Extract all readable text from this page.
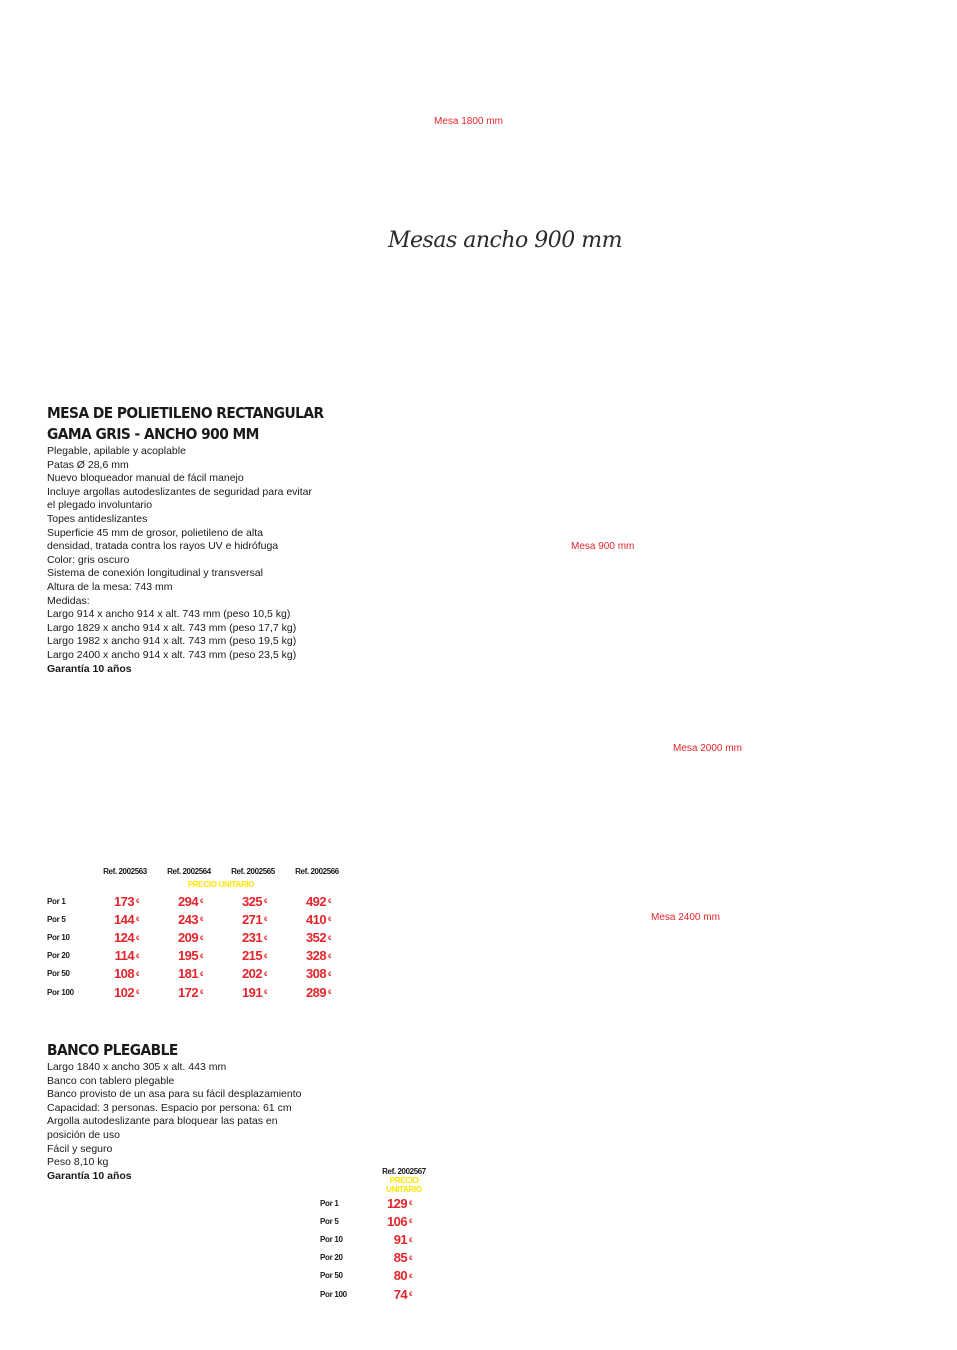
Mesa 1800 mm
Mesa 900 mm
Mesa 2000 mm
Mesa 2400 mm
Mesas ancho 900 mm
MESA DE POLIETILENO RECTANGULAR
GAMA GRIS - ANCHO 900 MM
Plegable, apilable y acoplable
Patas Ø 28,6 mm
Nuevo bloqueador manual de fácil manejo
Incluye argollas autodeslizantes de seguridad para evitar
el plegado involuntario
Topes antideslizantes
Superficie 45 mm de grosor, polietileno de alta
densidad, tratada contra los rayos UV e hidrófuga
Color: gris oscuro
Sistema de conexión longitudinal y transversal
Altura de la mesa: 743 mm
Medidas:
Largo 914 x ancho 914 x alt. 743 mm (peso 10,5 kg)
Largo 1829 x ancho 914 x alt. 743 mm (peso 17,7 kg)
Largo 1982 x ancho 914 x alt. 743 mm (peso 19,5 kg)
Largo 2400 x ancho 914 x alt. 743 mm (peso 23,5 kg)
Garantía 10 años
	Ref. 2002563	Ref. 2002564	Ref. 2002565	Ref. 2002566
	PRECIO UNITARIO			
Por 1	173 €	294 €	325 €	492 €
Por 5	144 €	243 €	271 €	410 €
Por 10	124 €	209 €	231 €	352 €
Por 20	114 €	195 €	215 €	328 €
Por 50	108 €	181 €	202 €	308 €
Por 100	102 €	172 €	191 €	289 €
BANCO PLEGABLE
Largo 1840 x ancho 305 x alt. 443 mm
Banco con tablero plegable
Banco provisto de un asa para su fácil desplazamiento
Capacidad: 3 personas. Espacio por persona: 61 cm
Argolla autodeslizante para bloquear las patas en
posición de uso
Fácil y seguro
Peso 8,10 kg
Garantía 10 años
		Ref. 2002567
	PRECIO UNITARIO
Por 1	129 €
Por 5	106 €
Por 10	91 €
Por 20	85 €
Por 50	80 €
Por 100	74 €
